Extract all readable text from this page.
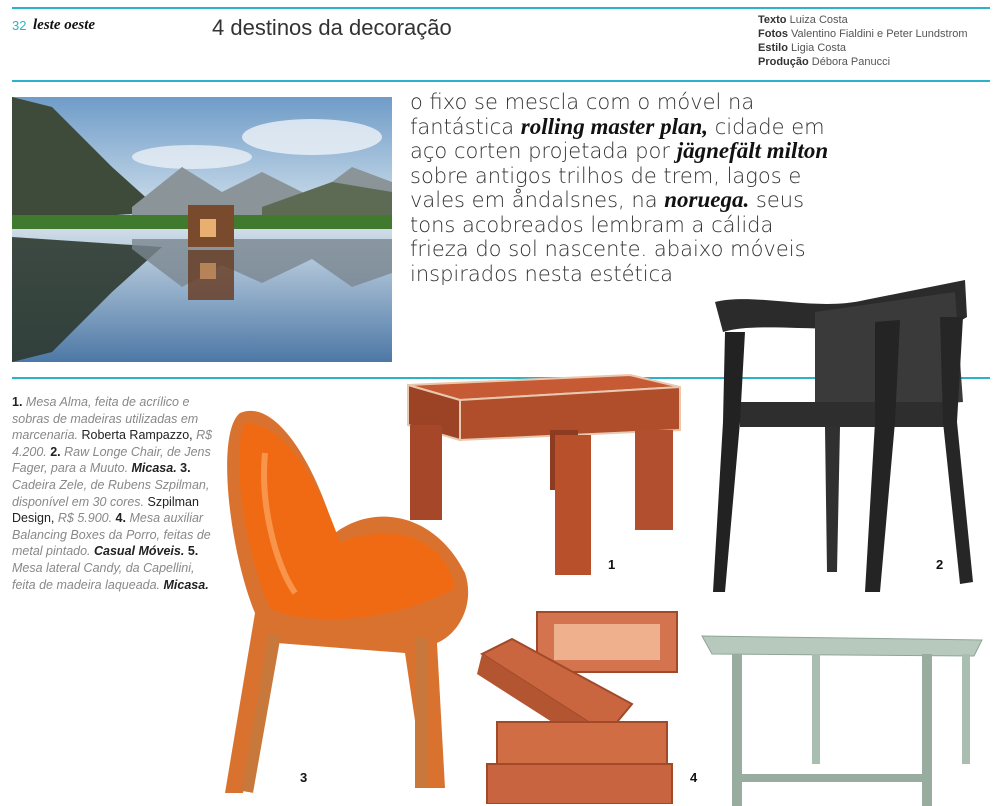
32 leste oeste	4 destinos da decoração	Texto Luiza Costa
Fotos Valentino Fialdini e Peter Lundstrom
Estilo Ligia Costa
Produção Débora Panucci
o fixo se mescla com o móvel na fantástica rolling master plan, cidade em aço corten projetada por jägnefält milton sobre antigos trilhos de trem, lagos e vales em åndalsnes, na noruega. seus tons acobreados lembram a cálida frieza do sol nascente. abaixo móveis inspirados nesta estética
1. Mesa Alma, feita de acrílico e sobras de madeiras utilizadas em marcenaria. Roberta Rampazzo, R$ 4.200. 2. Raw Longe Chair, de Jens Fager, para a Muuto. Micasa. 3. Cadeira Zele, de Rubens Szpilman, disponível em 30 cores. Szpilman Design, R$ 5.900. 4. Mesa auxiliar Balancing Boxes da Porro, feitas de metal pintado. Casual Móveis. 5. Mesa lateral Candy, da Capellini, feita de madeira laqueada. Micasa.
1	2
3	4
